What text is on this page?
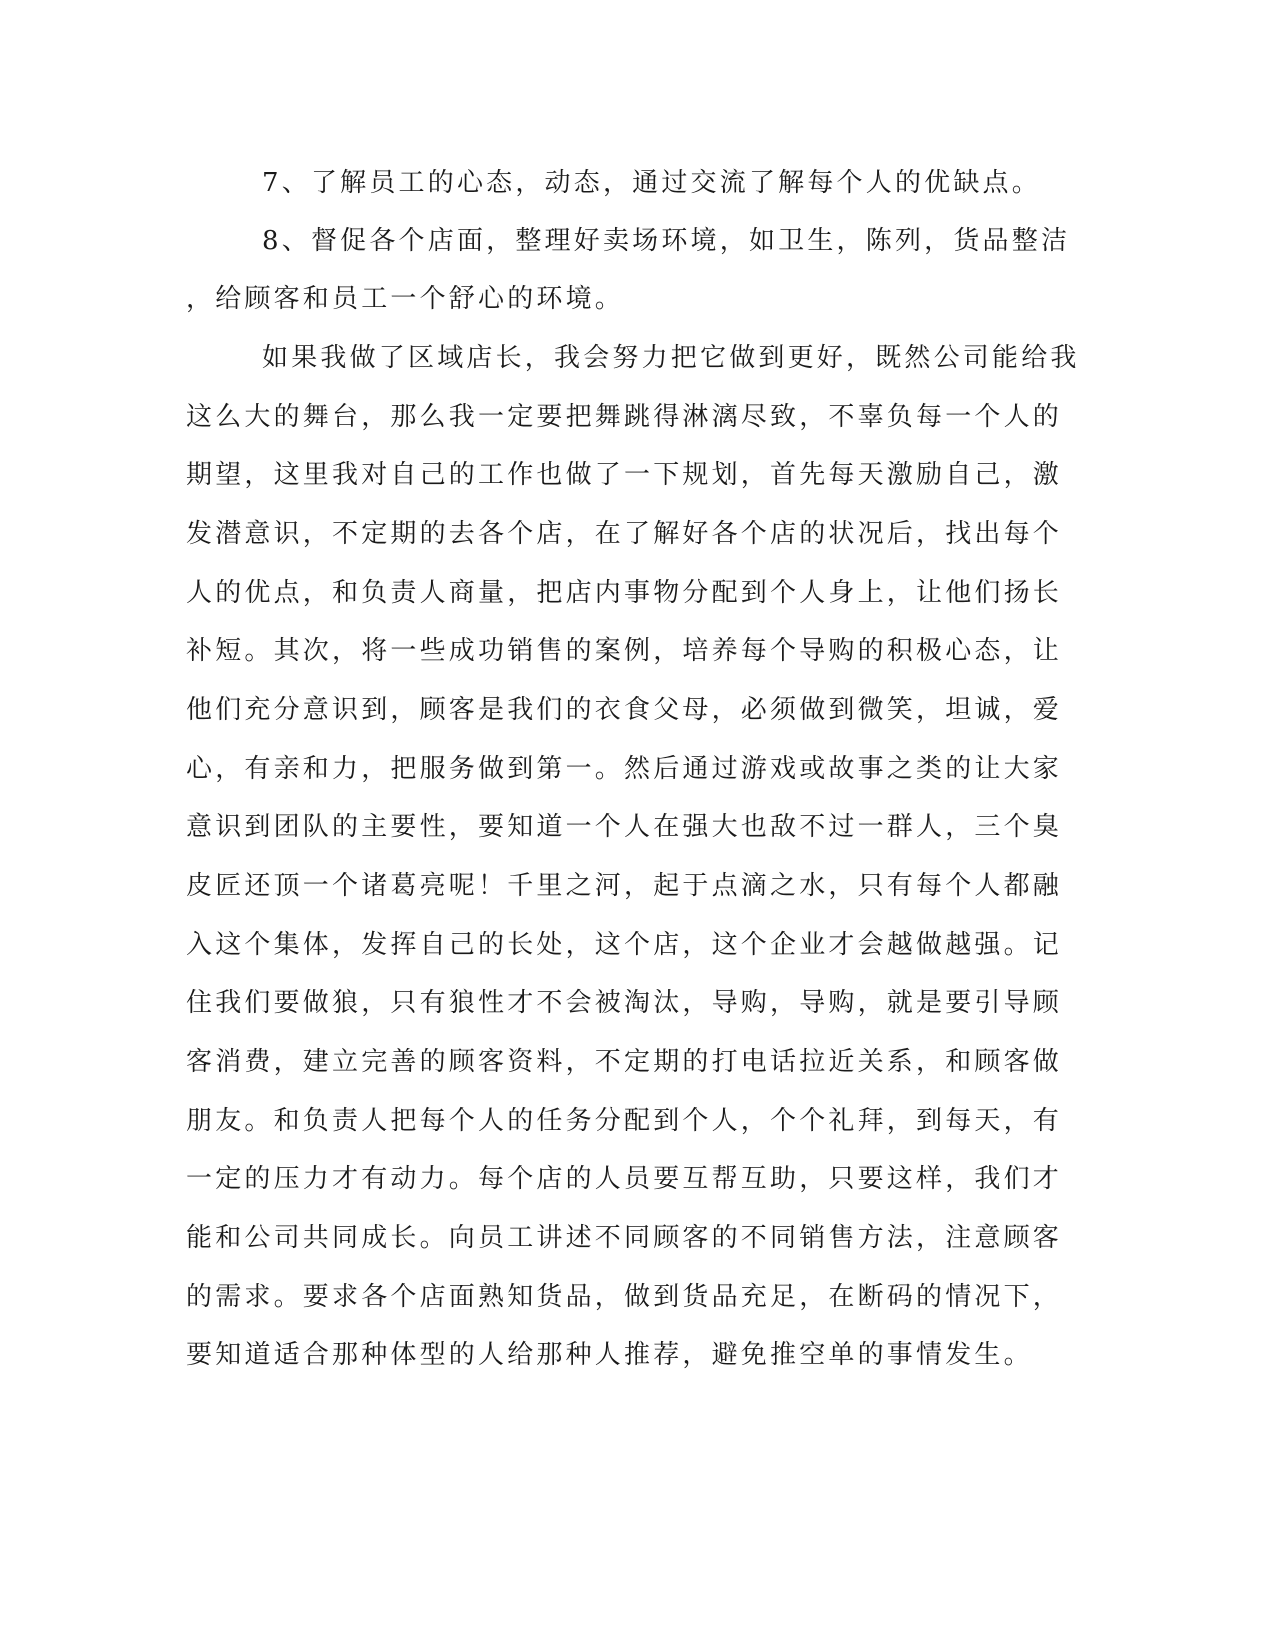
7、了解员工的心态，动态，通过交流了解每个人的优缺点。
8、督促各个店面，整理好卖场环境，如卫生，陈列，货品整洁
，给顾客和员工一个舒心的环境。
如果我做了区域店长，我会努力把它做到更好，既然公司能给我
这么大的舞台，那么我一定要把舞跳得淋漓尽致，不辜负每一个人的
期望，这里我对自己的工作也做了一下规划，首先每天激励自己，激
发潜意识，不定期的去各个店，在了解好各个店的状况后，找出每个
人的优点，和负责人商量，把店内事物分配到个人身上，让他们扬长
补短。其次，将一些成功销售的案例，培养每个导购的积极心态，让
他们充分意识到，顾客是我们的衣食父母，必须做到微笑，坦诚，爱
心，有亲和力，把服务做到第一。然后通过游戏或故事之类的让大家
意识到团队的主要性，要知道一个人在强大也敌不过一群人，三个臭
皮匠还顶一个诸葛亮呢！千里之河，起于点滴之水，只有每个人都融
入这个集体，发挥自己的长处，这个店，这个企业才会越做越强。记
住我们要做狼，只有狼性才不会被淘汰，导购，导购，就是要引导顾
客消费，建立完善的顾客资料，不定期的打电话拉近关系，和顾客做
朋友。和负责人把每个人的任务分配到个人，个个礼拜，到每天，有
一定的压力才有动力。每个店的人员要互帮互助，只要这样，我们才
能和公司共同成长。向员工讲述不同顾客的不同销售方法，注意顾客
的需求。要求各个店面熟知货品，做到货品充足，在断码的情况下，
要知道适合那种体型的人给那种人推荐，避免推空单的事情发生。
